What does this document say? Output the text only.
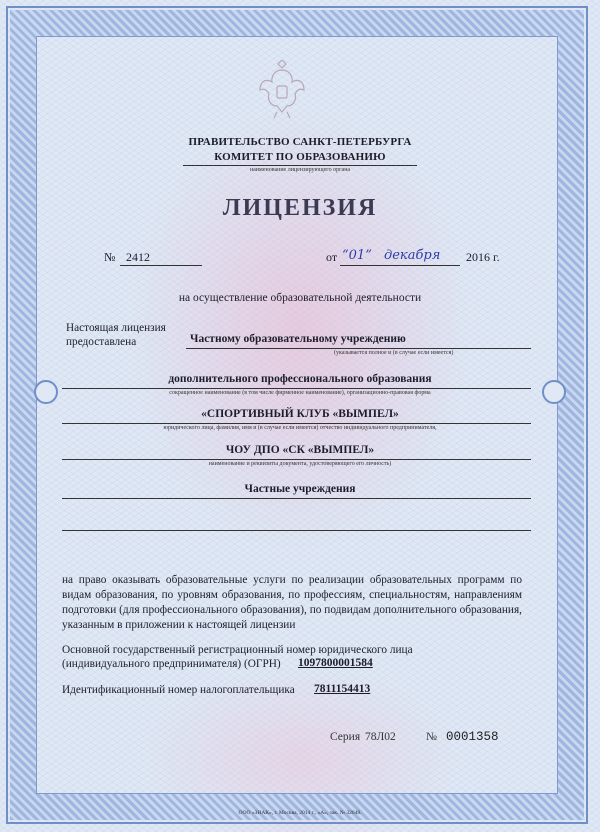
ПРАВИТЕЛЬСТВО САНКТ-ПЕТЕРБУРГА
КОМИТЕТ ПО ОБРАЗОВАНИЮ
наименование лицензирующего органа
ЛИЦЕНЗИЯ
№ 2412	от “01” декабря 2016 г.
на осуществление образовательной деятельности
Настоящая лицензия
предоставлена	Частному образовательному учреждению
(указывается полное и (в случае если имеется)
дополнительного профессионального образования
сокращенное наименование (в том числе фирменное наименование), организационно-правовая форма
«СПОРТИВНЫЙ КЛУБ «ВЫМПЕЛ»
юридического лица, фамилия, имя и (в случае если имеется) отчество индивидуального предпринимателя,
ЧОУ ДПО «СК «ВЫМПЕЛ»
наименование и реквизиты документа, удостоверяющего его личность)
Частные учреждения
на право оказывать образовательные услуги по реализации образовательных программ по видам образования, по уровням образования, по профессиям, специальностям, направлениям подготовки (для профессионального образования), по подвидам дополнительного образования, указанным в приложении к настоящей лицензии
Основной государственный регистрационный номер юридического лица
(индивидуального предпринимателя) (ОГРН) 1097800001584
Идентификационный номер налогоплательщика 7811154413
Серия 78Л02	№ 0001358
ООО «ЗНАК», г. Москва, 2014 г., «А», зак. № 32648.
